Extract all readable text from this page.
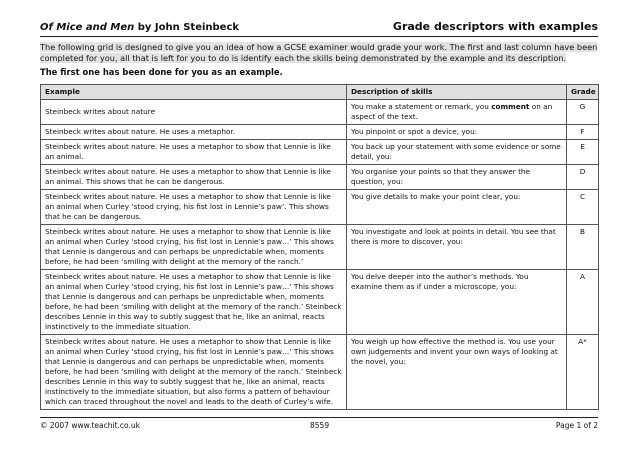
Of Mice and Men by John Steinbeck	Grade descriptors with examples
The following grid is designed to give you an idea of how a GCSE examiner would grade your work. The first and last column have been completed for you, all that is left for you to do is identify each the skills being demonstrated by the example and its description.
The first one has been done for you as an example.
Example	Description of skills	Grade
Steinbeck writes about nature	You make a statement or remark, you comment on an aspect of the text.	G
Steinbeck writes about nature. He uses a metaphor.	You pinpoint or spot a device, you:	F
Steinbeck writes about nature. He uses a metaphor to show that Lennie is like an animal.	You back up your statement with some evidence or some detail, you:	E
Steinbeck writes about nature. He uses a metaphor to show that Lennie is like an animal. This shows that he can be dangerous.	You organise your points so that they answer the question, you:	D
Steinbeck writes about nature. He uses a metaphor to show that Lennie is like an animal when Curley ‘stood crying, his fist lost in Lennie’s paw’. This shows that he can be dangerous.	You give details to make your point clear, you:	C
Steinbeck writes about nature. He uses a metaphor to show that Lennie is like an animal when Curley ‘stood crying, his fist lost in Lennie’s paw…’ This shows that Lennie is dangerous and can perhaps be unpredictable when, moments before, he had been ‘smiling with delight at the memory of the ranch.’	You investigate and look at points in detail. You see that there is more to discover, you:	B
Steinbeck writes about nature. He uses a metaphor to show that Lennie is like an animal when Curley ‘stood crying, his fist lost in Lennie’s paw…’ This shows that Lennie is dangerous and can perhaps be unpredictable when, moments before, he had been ‘smiling with delight at the memory of the ranch.’ Steinbeck describes Lennie in this way to subtly suggest that he, like an animal, reacts instinctively to the immediate situation.	You delve deeper into the author’s methods. You examine them as if under a microscope, you:	A
Steinbeck writes about nature. He uses a metaphor to show that Lennie is like an animal when Curley ‘stood crying, his fist lost in Lennie’s paw…’ This shows that Lennie is dangerous and can perhaps be unpredictable when, moments before, he had been ‘smiling with delight at the memory of the ranch.’ Steinbeck describes Lennie in this way to subtly suggest that he, like an animal, reacts instinctively to the immediate situation, but also forms a pattern of behaviour which can traced throughout the novel and leads to the death of Curley’s wife.	You weigh up how effective the method is. You use your own judgements and invent your own ways of looking at the novel, you:	A*
© 2007 www.teachit.co.uk	8559	Page 1 of 2
